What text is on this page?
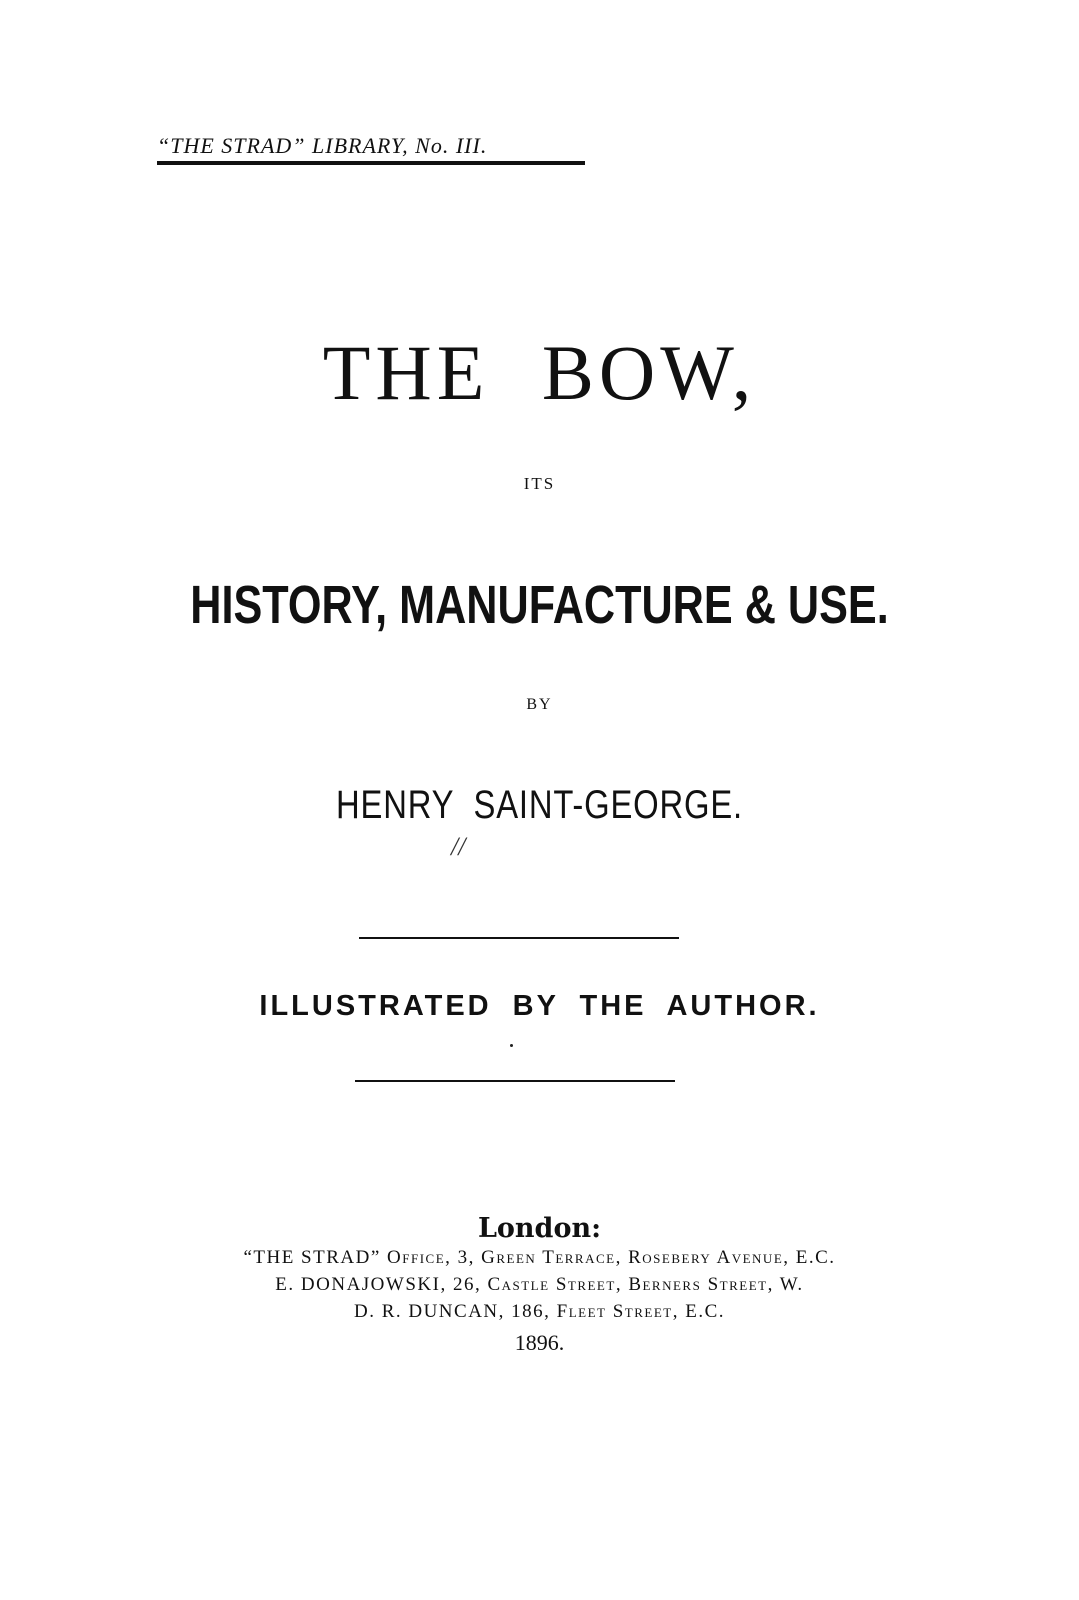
“THE STRAD” LIBRARY, No. III.
THE BOW,
ITS
HISTORY, MANUFACTURE & USE.
BY
HENRY SAINT-GEORGE.
//
ILLUSTRATED BY THE AUTHOR.
London:
“THE STRAD” Office, 3, Green Terrace, Rosebery Avenue, E.C.
E. DONAJOWSKI, 26, Castle Street, Berners Street, W.
D. R. DUNCAN, 186, Fleet Street, E.C.
1896.
